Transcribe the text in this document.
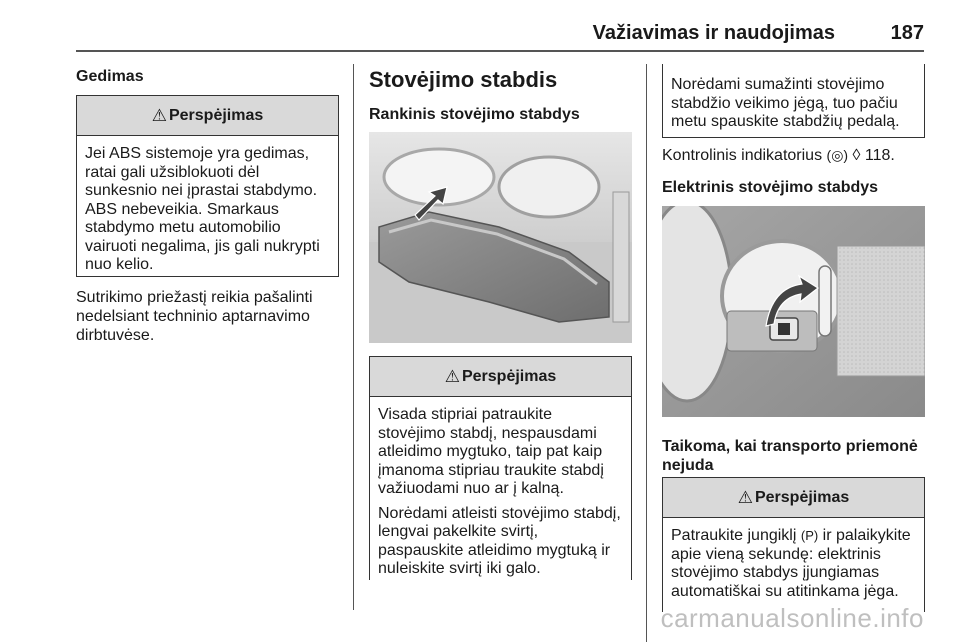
Važiavimas ir naudojimas	187
Gedimas
⚠ Perspėjimas

Jei ABS sistemoje yra gedimas, ratai gali užsiblokuoti dėl sunkesnio nei įprastai stabdymo. ABS nebeveikia. Smarkaus stabdymo metu automobilio vairuoti negalima, jis gali nukrypti nuo kelio.

Sutrikimo priežastį reikia pašalinti nedelsiant techninio aptarnavimo dirbtuvėse.
Stovėjimo stabdis
Rankinis stovėjimo stabdys
⚠ Perspėjimas

Visada stipriai patraukite stovėjimo stabdį, nespausdami atleidimo mygtuko, taip pat kaip įmanoma stipriau traukite stabdį važiuodami nuo ar į kalną.

Norėdami atleisti stovėjimo stabdį, lengvai pakelkite svirtį, paspauskite atleidimo mygtuką ir nuleiskite svirtį iki galo.

Norėdami sumažinti stovėjimo stabdžio veikimo jėgą, tuo pačiu metu spauskite stabdžių pedalą.
Kontrolinis indikatorius (◎) ◊ 118.
Elektrinis stovėjimo stabdys
Taikoma, kai transporto priemonė nejuda
⚠ Perspėjimas

Patraukite jungiklį (P) ir palaikykite apie vieną sekundę: elektrinis stovėjimo stabdys įjungiamas automatiškai su atitinkama jėga.

carmanualsonline.info
